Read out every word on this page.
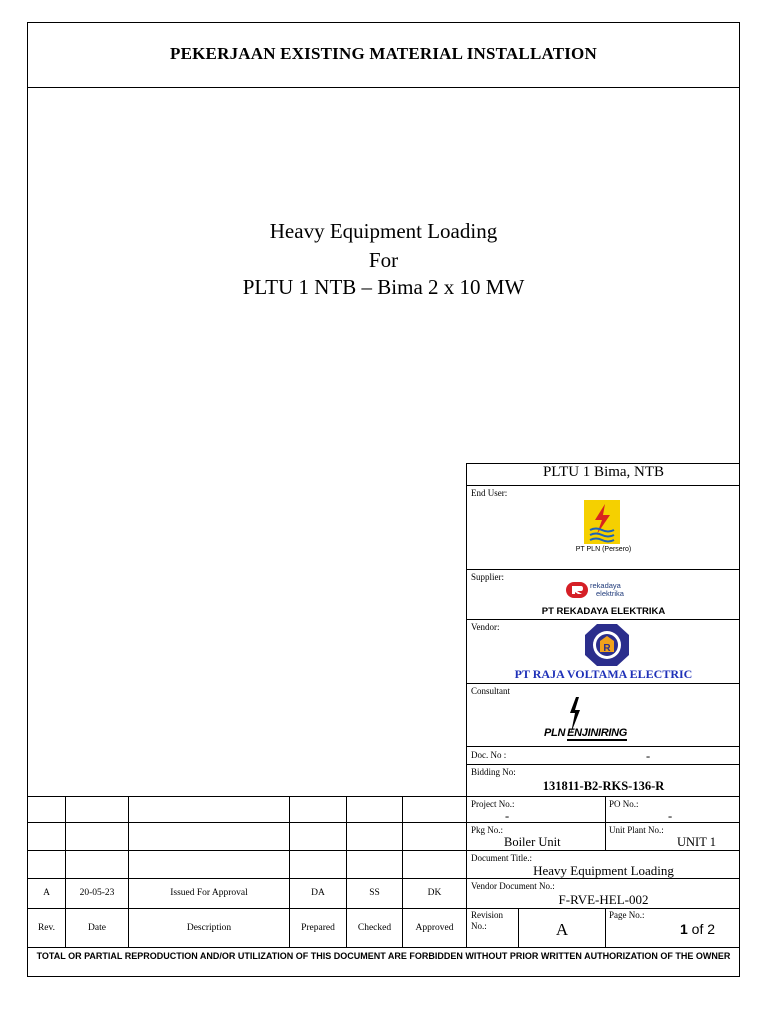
PEKERJAAN EXISTING MATERIAL INSTALLATION
Heavy Equipment Loading
For
PLTU 1 NTB – Bima 2 x 10 MW
PLTU 1 Bima, NTB
End User:
PT PLN (Persero)
Supplier:
rekadaya
elektrika
PT REKADAYA ELEKTRIKA
Vendor:
R
PT RAJA VOLTAMA ELECTRIC
Consultant
PLN ENJINIRING
Doc. No :	-
Bidding No:
131811-B2-RKS-136-R
Project No.:
-
PO No.:
-
Pkg No.:
Boiler Unit
Unit Plant No.:
UNIT 1
Document Title.:
Heavy Equipment Loading
Vendor Document No.:
F-RVE-HEL-002
Revision
No.:	A
Page No.:
1 of 2
A	20-05-23	Issued For Approval	DA	SS	DK
Rev.	Date	Description	Prepared	Checked	Approved
TOTAL OR PARTIAL REPRODUCTION AND/OR UTILIZATION OF THIS DOCUMENT ARE FORBIDDEN WITHOUT PRIOR WRITTEN AUTHORIZATION OF THE OWNER
